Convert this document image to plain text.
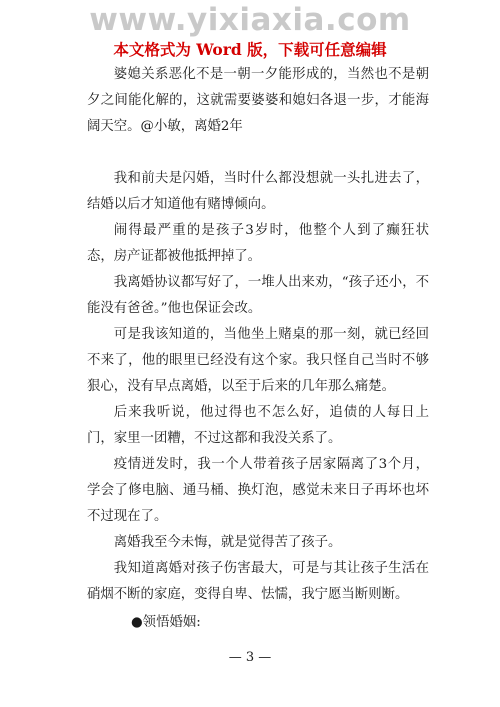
www.yixiaxia.com
本文格式为 Word 版，下载可任意编辑

婆媳关系恶化不是一朝一夕能形成的，当然也不是朝夕之间能化解的，这就需要婆婆和媳妇各退一步，才能海阔天空。@小敏，离婚2年

我和前夫是闪婚，当时什么都没想就一头扎进去了，结婚以后才知道他有赌博倾向。

闹得最严重的是孩子3岁时，他整个人到了癫狂状态，房产证都被他抵押掉了。

我离婚协议都写好了，一堆人出来劝，“孩子还小，不能没有爸爸。”他也保证会改。

可是我该知道的，当他坐上赌桌的那一刻，就已经回不来了，他的眼里已经没有这个家。我只怪自己当时不够狠心，没有早点离婚，以至于后来的几年那么痛楚。

后来我听说，他过得也不怎么好，追债的人每日上门，家里一团糟，不过这都和我没关系了。

疫情迸发时，我一个人带着孩子居家隔离了3个月，学会了修电脑、通马桶、换灯泡，感觉未来日子再坏也坏不过现在了。

离婚我至今未悔，就是觉得苦了孩子。

我知道离婚对孩子伤害最大，可是与其让孩子生活在硝烟不断的家庭，变得自卑、怯懦，我宁愿当断则断。

●领悟婚姻:
— 3 —
